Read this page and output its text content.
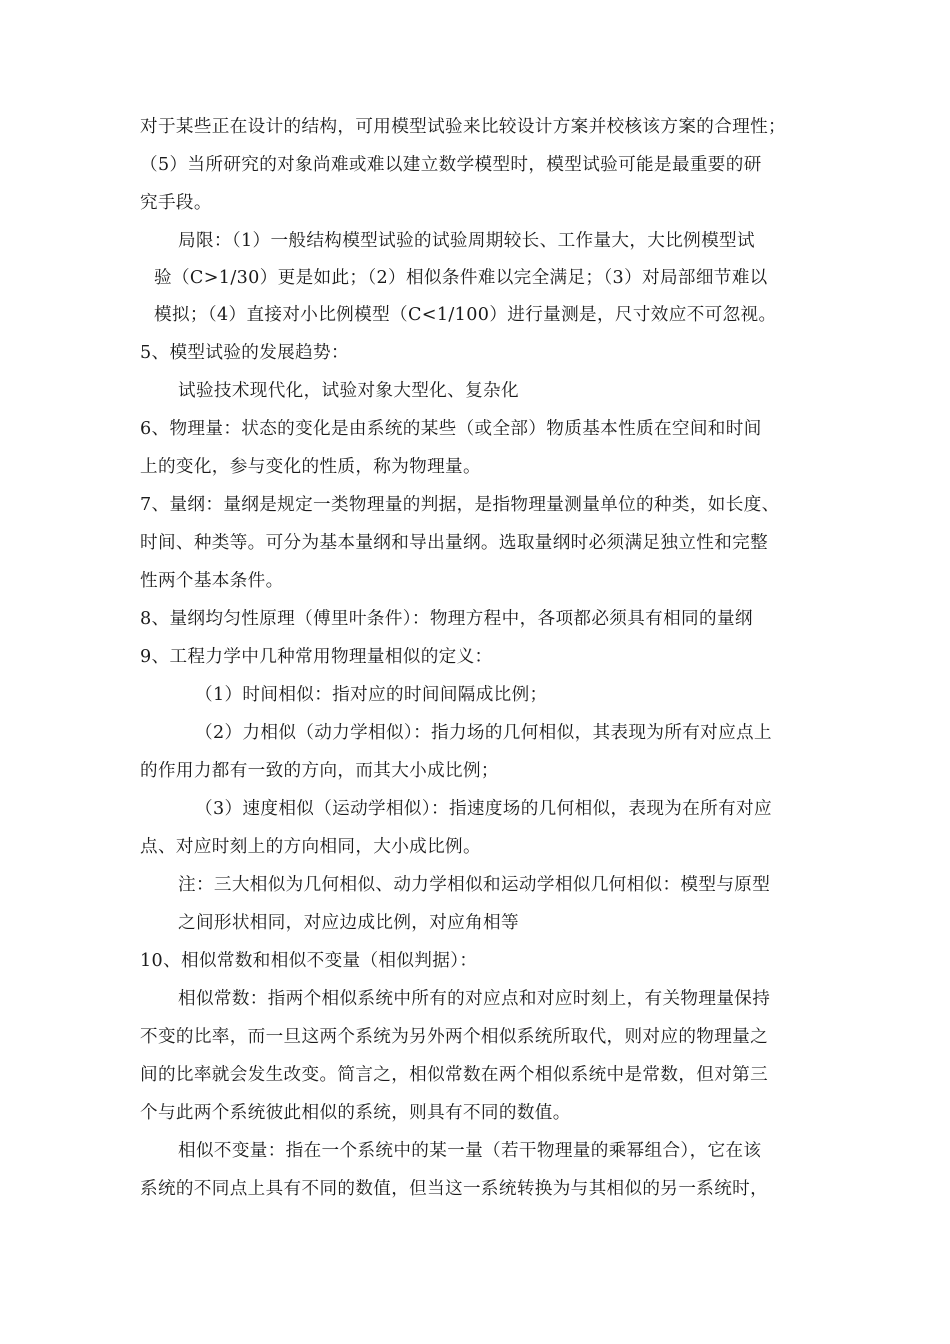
对于某些正在设计的结构，可用模型试验来比较设计方案并校核该方案的合理性；
（5）当所研究的对象尚难或难以建立数学模型时，模型试验可能是最重要的研
究手段。
局限：（1）一般结构模型试验的试验周期较长、工作量大，大比例模型试
验（C>1/30）更是如此；（2）相似条件难以完全满足；（3）对局部细节难以
模拟；（4）直接对小比例模型（C<1/100）进行量测是，尺寸效应不可忽视。
5、模型试验的发展趋势：
试验技术现代化，试验对象大型化、复杂化
6、物理量：状态的变化是由系统的某些（或全部）物质基本性质在空间和时间
上的变化，参与变化的性质，称为物理量。
7、量纲：量纲是规定一类物理量的判据，是指物理量测量单位的种类，如长度、
时间、种类等。可分为基本量纲和导出量纲。选取量纲时必须满足独立性和完整
性两个基本条件。
8、量纲均匀性原理（傅里叶条件）：物理方程中，各项都必须具有相同的量纲
9、工程力学中几种常用物理量相似的定义：
（1）时间相似：指对应的时间间隔成比例；
（2）力相似（动力学相似）：指力场的几何相似，其表现为所有对应点上
的作用力都有一致的方向，而其大小成比例；
（3）速度相似（运动学相似）：指速度场的几何相似，表现为在所有对应
点、对应时刻上的方向相同，大小成比例。
注：三大相似为几何相似、动力学相似和运动学相似几何相似：模型与原型
之间形状相同，对应边成比例，对应角相等
10、相似常数和相似不变量（相似判据）：
相似常数：指两个相似系统中所有的对应点和对应时刻上，有关物理量保持
不变的比率，而一旦这两个系统为另外两个相似系统所取代，则对应的物理量之
间的比率就会发生改变。简言之，相似常数在两个相似系统中是常数，但对第三
个与此两个系统彼此相似的系统，则具有不同的数值。
相似不变量：指在一个系统中的某一量（若干物理量的乘幂组合），它在该
系统的不同点上具有不同的数值，但当这一系统转换为与其相似的另一系统时，
